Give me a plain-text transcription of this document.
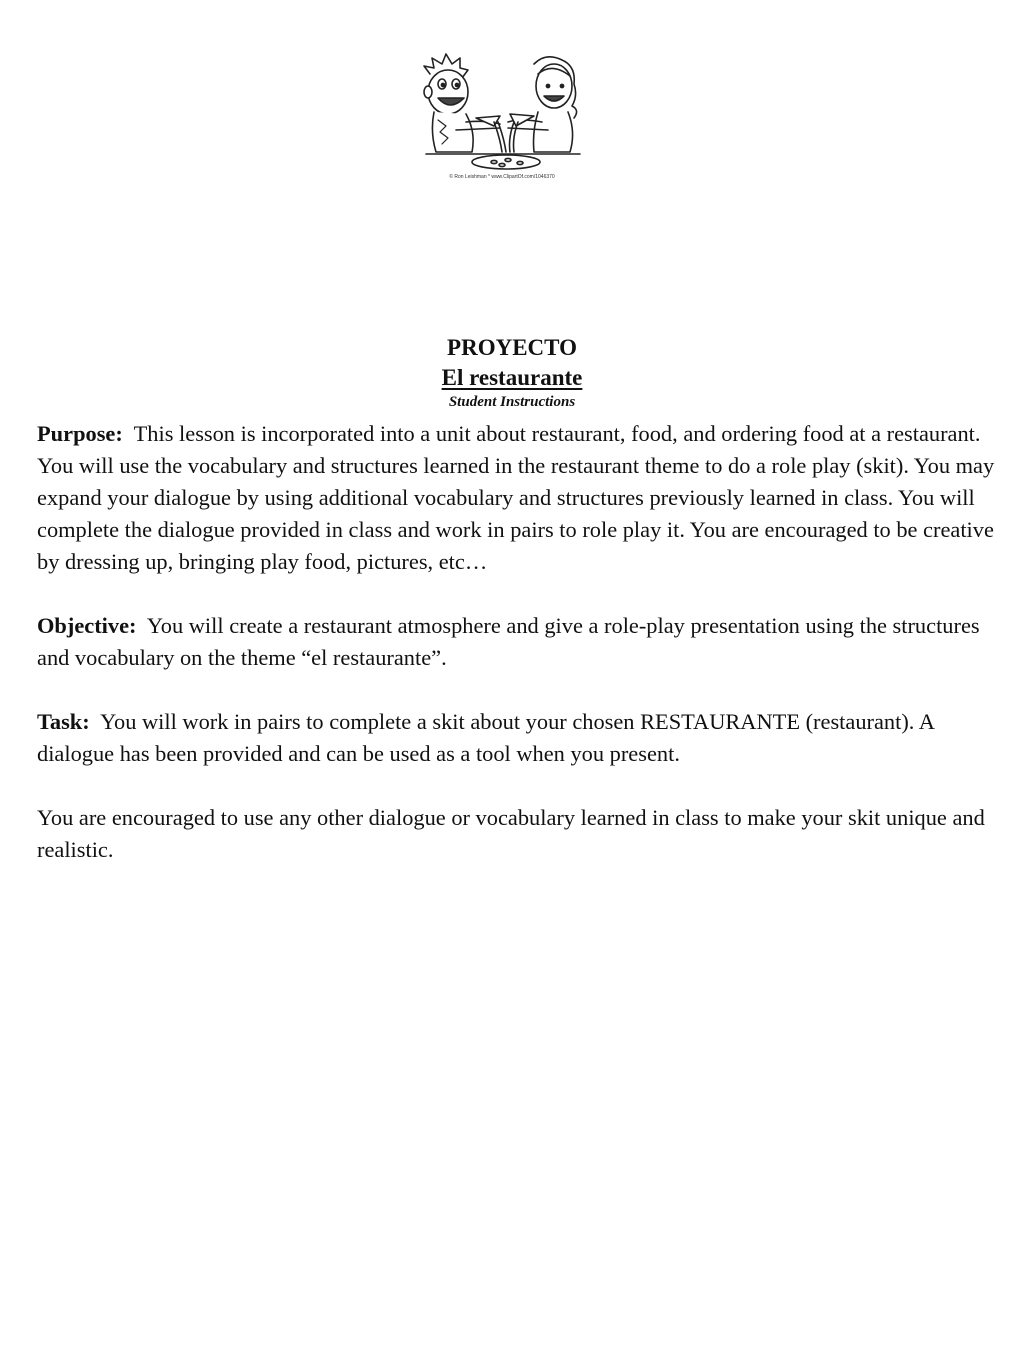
© Ron Leishman * www.ClipartOf.com/1046370
PROYECTO
El restaurante
Student Instructions

Purpose: This lesson is incorporated into a unit about restaurant, food, and ordering food at a restaurant. You will use the vocabulary and structures learned in the restaurant theme to do a role play (skit). You may expand your dialogue by using additional vocabulary and structures previously learned in class. You will complete the dialogue provided in class and work in pairs to role play it. You are encouraged to be creative by dressing up, bringing play food, pictures, etc…

Objective: You will create a restaurant atmosphere and give a role-play presentation using the structures and vocabulary on the theme “el restaurante”.

Task: You will work in pairs to complete a skit about your chosen RESTAURANTE (restaurant). A dialogue has been provided and can be used as a tool when you present.

You are encouraged to use any other dialogue or vocabulary learned in class to make your skit unique and realistic.
